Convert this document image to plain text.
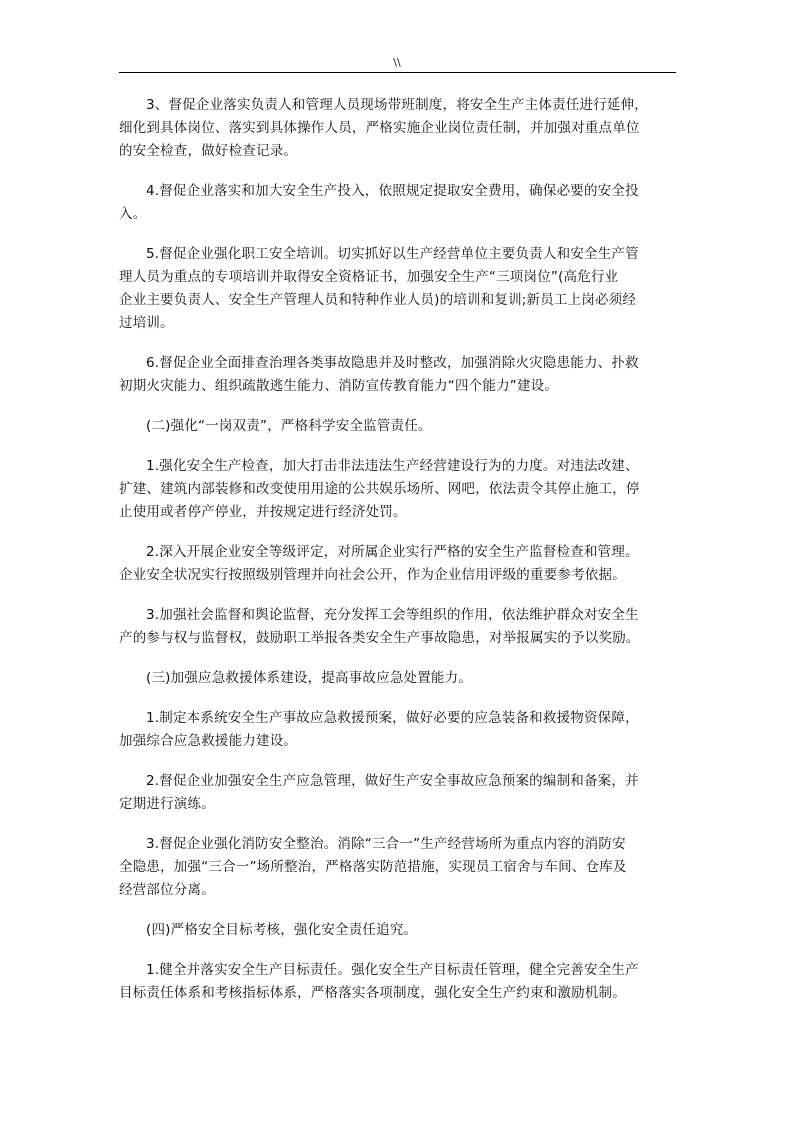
\\

3、督促企业落实负责人和管理人员现场带班制度，将安全生产主体责任进行延伸，
细化到具体岗位、落实到具体操作人员，严格实施企业岗位责任制，并加强对重点单位
的安全检查，做好检查记录。

4.督促企业落实和加大安全生产投入，依照规定提取安全费用，确保必要的安全投
入。

5.督促企业强化职工安全培训。切实抓好以生产经营单位主要负责人和安全生产管
理人员为重点的专项培训并取得安全资格证书，加强安全生产“三项岗位”(高危行业
企业主要负责人、安全生产管理人员和特种作业人员)的培训和复训;新员工上岗必须经
过培训。

6.督促企业全面排查治理各类事故隐患并及时整改，加强消除火灾隐患能力、扑救
初期火灾能力、组织疏散逃生能力、消防宣传教育能力“四个能力”建设。

(二)强化“一岗双责”，严格科学安全监管责任。

1.强化安全生产检查，加大打击非法违法生产经营建设行为的力度。对违法改建、
扩建、建筑内部装修和改变使用用途的公共娱乐场所、网吧，依法责令其停止施工，停
止使用或者停产停业，并按规定进行经济处罚。

2.深入开展企业安全等级评定，对所属企业实行严格的安全生产监督检查和管理。
企业安全状况实行按照级别管理并向社会公开，作为企业信用评级的重要参考依据。

3.加强社会监督和舆论监督，充分发挥工会等组织的作用，依法维护群众对安全生
产的参与权与监督权，鼓励职工举报各类安全生产事故隐患，对举报属实的予以奖励。

(三)加强应急救援体系建设，提高事故应急处置能力。

1.制定本系统安全生产事故应急救援预案，做好必要的应急装备和救援物资保障，
加强综合应急救援能力建设。

2.督促企业加强安全生产应急管理，做好生产安全事故应急预案的编制和备案，并
定期进行演练。

3.督促企业强化消防安全整治。消除“三合一”生产经营场所为重点内容的消防安
全隐患，加强“三合一”场所整治，严格落实防范措施，实现员工宿舍与车间、仓库及
经营部位分离。

(四)严格安全目标考核，强化安全责任追究。

1.健全并落实安全生产目标责任。强化安全生产目标责任管理，健全完善安全生产
目标责任体系和考核指标体系，严格落实各项制度，强化安全生产约束和激励机制。
